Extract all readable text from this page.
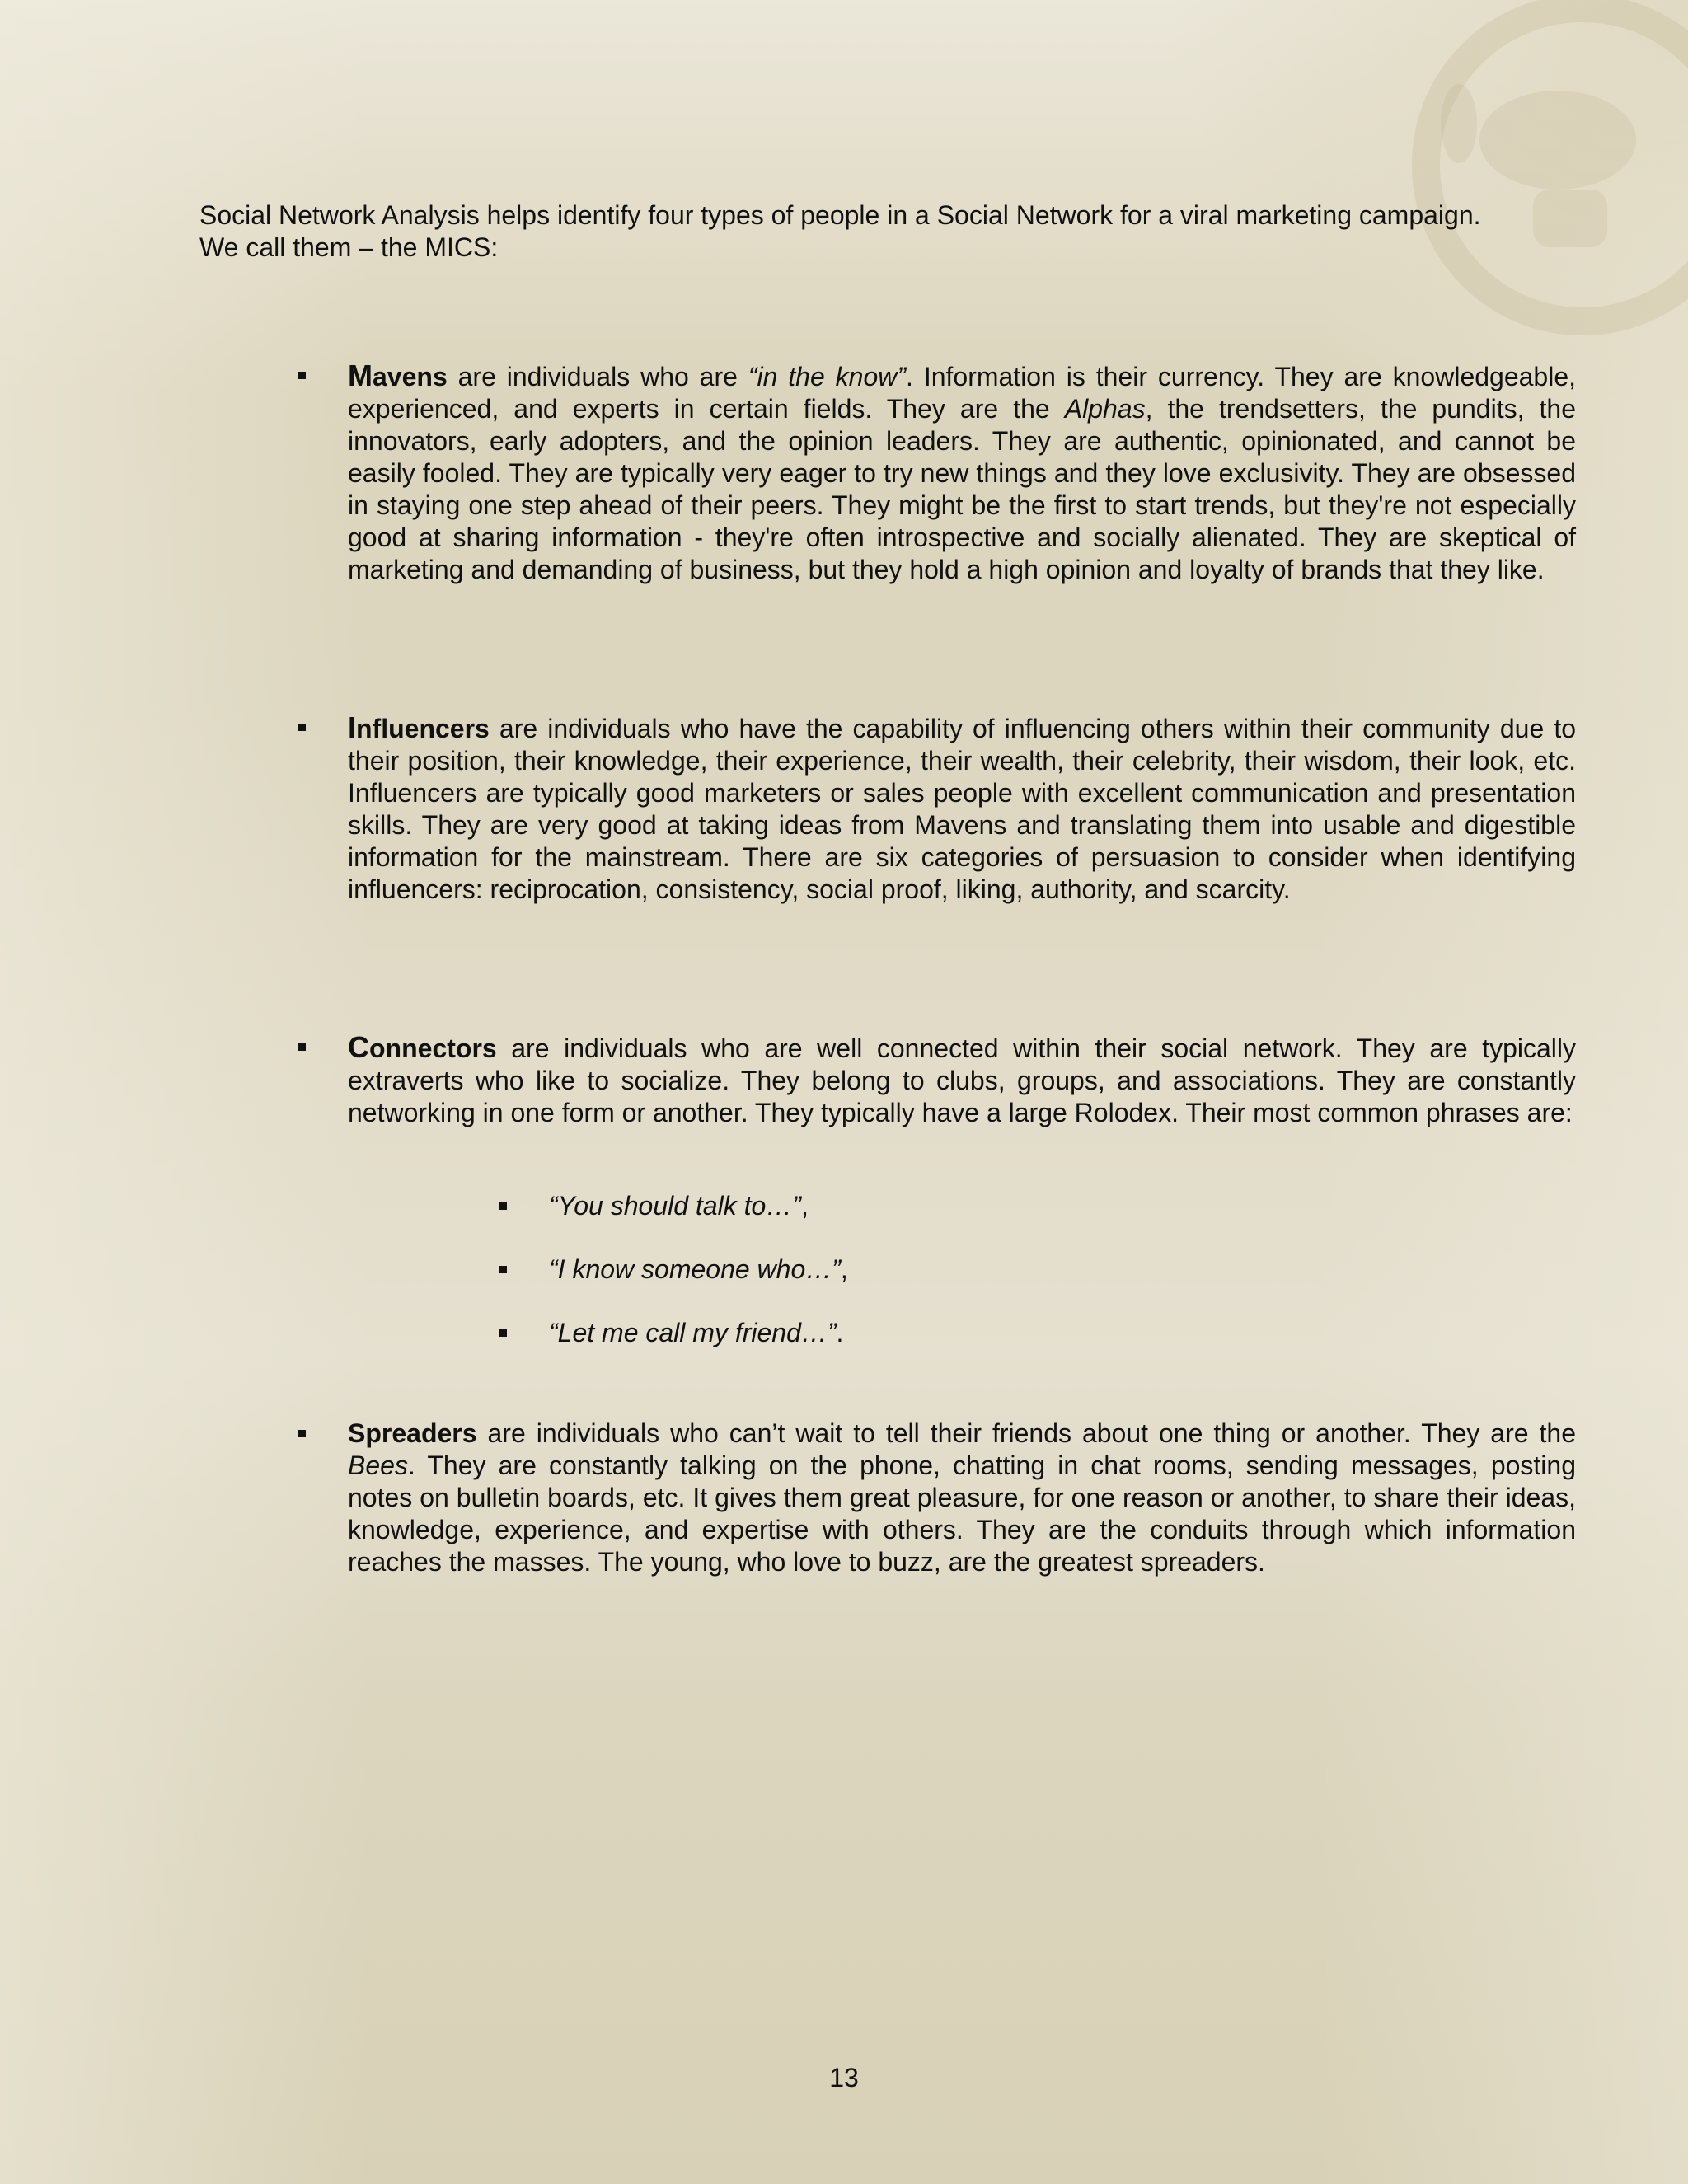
Social Network Analysis helps identify four types of people in a Social Network for a viral marketing campaign.
We call them – the MICS:

Mavens are individuals who are “in the know”. Information is their currency. They are knowledgeable, experienced, and experts in certain fields. They are the Alphas, the trendsetters, the pundits, the innovators, early adopters, and the opinion leaders. They are authentic, opinionated, and cannot be easily fooled. They are typically very eager to try new things and they love exclusivity. They are obsessed in staying one step ahead of their peers. They might be the first to start trends, but they're not especially good at sharing information - they're often introspective and socially alienated. They are skeptical of marketing and demanding of business, but they hold a high opinion and loyalty of brands that they like.

Influencers are individuals who have the capability of influencing others within their community due to their position, their knowledge, their experience, their wealth, their celebrity, their wisdom, their look, etc. Influencers are typically good marketers or sales people with excellent communication and presentation skills. They are very good at taking ideas from Mavens and translating them into usable and digestible information for the mainstream. There are six categories of persuasion to consider when identifying influencers: reciprocation, consistency, social proof, liking, authority, and scarcity.

Connectors are individuals who are well connected within their social network. They are typically extraverts who like to socialize. They belong to clubs, groups, and associations. They are constantly networking in one form or another. They typically have a large Rolodex. Their most common phrases are:

Spreaders are individuals who can’t wait to tell their friends about one thing or another. They are the Bees. They are constantly talking on the phone, chatting in chat rooms, sending messages, posting notes on bulletin boards, etc. It gives them great pleasure, for one reason or another, to share their ideas, knowledge, experience, and expertise with others. They are the conduits through which information reaches the masses. The young, who love to buzz, are the greatest spreaders.

“You should talk to…”,
“I know someone who…”,
“Let me call my friend…”.
13
